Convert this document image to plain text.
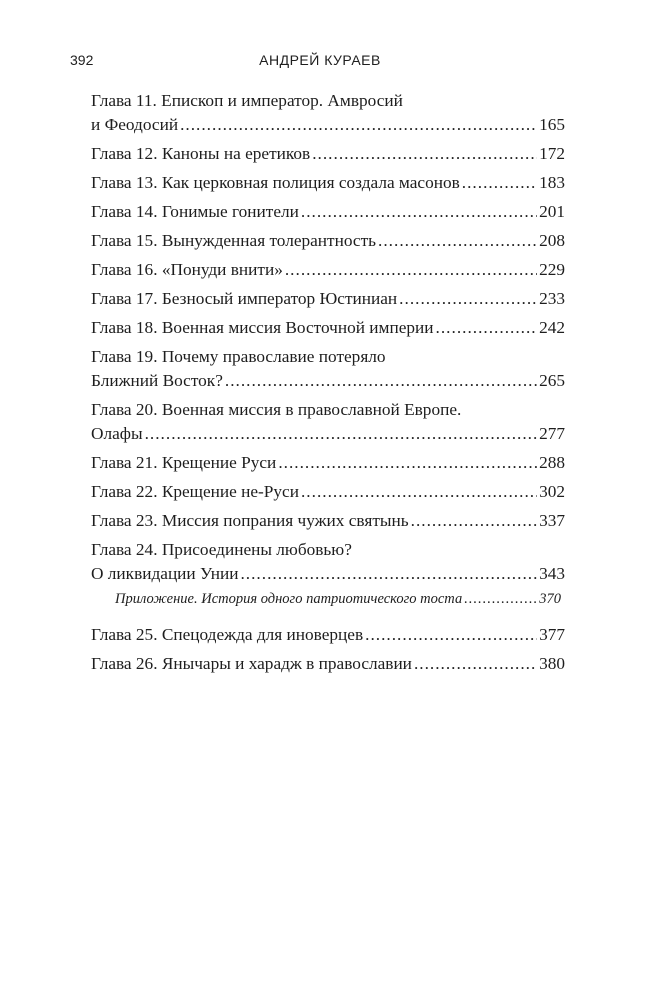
392	АНДРЕЙ КУРАЕВ
Глава 11. Епископ и император. Амвросий
и Феодосий .....	165
Глава 12. Каноны на еретиков .....	172
Глава 13. Как церковная полиция создала масонов .....	183
Глава 14. Гонимые гонители .....	201
Глава 15. Вынужденная толерантность .....	208
Глава 16. «Понуди внити» .....	229
Глава 17. Безносый император Юстиниан .....	233
Глава 18. Военная миссия Восточной империи .....	242
Глава 19. Почему православие потеряло
Ближний Восток? .....	265
Глава 20. Военная миссия в православной Европе.
Олафы .....	277
Глава 21. Крещение Руси .....	288
Глава 22. Крещение не-Руси .....	302
Глава 23. Миссия попрания чужих святынь .....	337
Глава 24. Присоединены любовью?
О ликвидации Унии .....	343
Приложение. История одного патриотического тоста .....	370
Глава 25. Спецодежда для иноверцев .....	377
Глава 26. Янычары и харадж в православии .....	380
